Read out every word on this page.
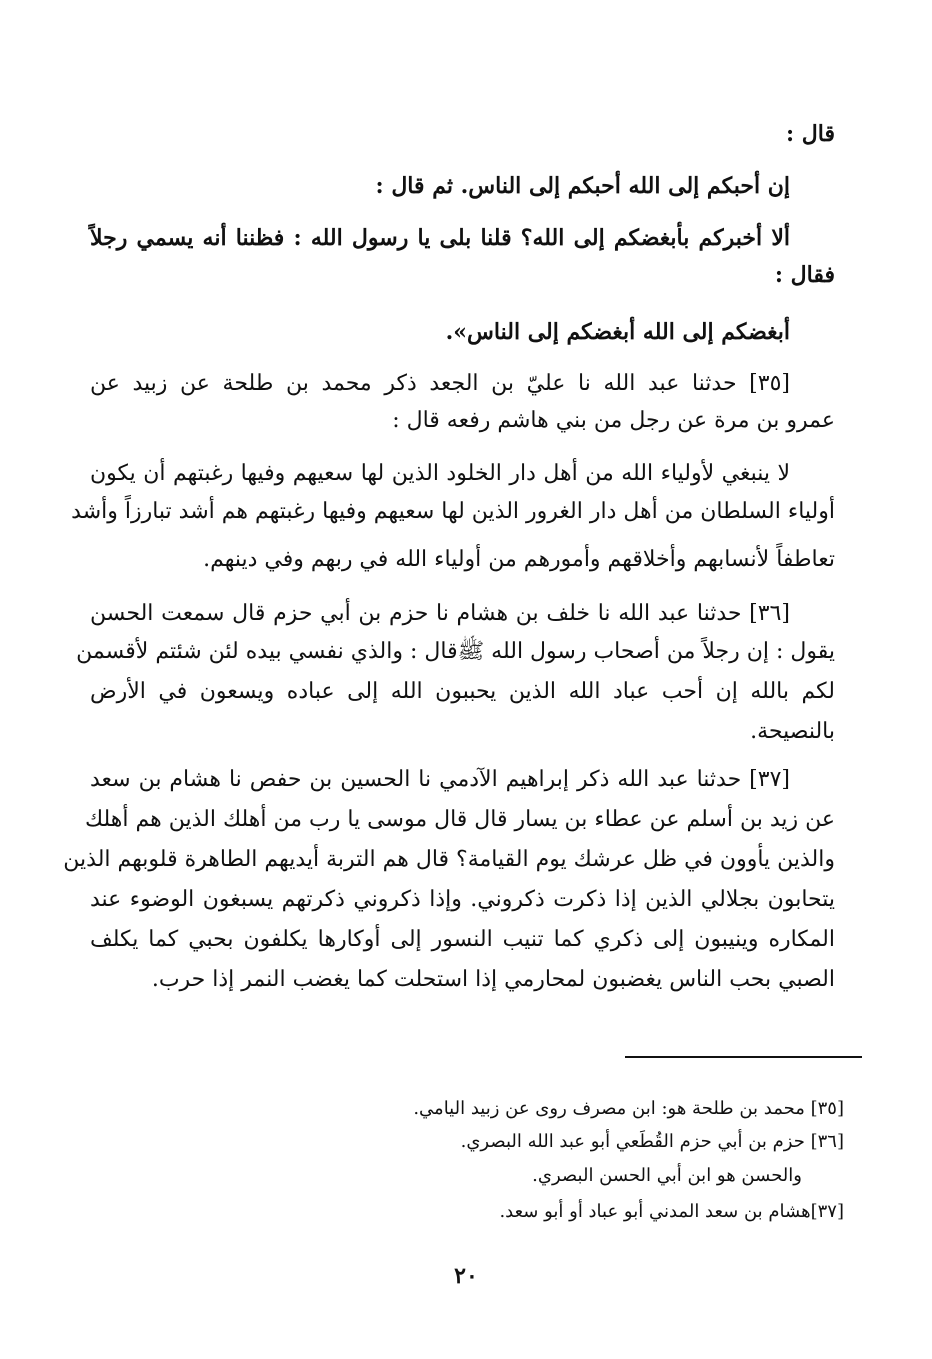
قال :
إن أحبكم إلى الله أحبكم إلى الناس. ثم قال :
ألا أخبركم بأبغضكم إلى الله؟ قلنا بلى يا رسول الله : فظننا أنه يسمي رجلاً
فقال :
أبغضكم إلى الله أبغضكم إلى الناس».
[٣٥] حدثنا عبد الله نا عليّ بن الجعد ذكر محمد بن طلحة عن زبيد عن
عمرو بن مرة عن رجل من بني هاشم رفعه قال :
لا ينبغي لأولياء الله من أهل دار الخلود الذين لها سعيهم وفيها رغبتهم أن يكون
أولياء السلطان من أهل دار الغرور الذين لها سعيهم وفيها رغبتهم هم أشد تبارزاً وأشد
تعاطفاً لأنسابهم وأخلاقهم وأمورهم من أولياء الله في ربهم وفي دينهم.
[٣٦] حدثنا عبد الله نا خلف بن هشام نا حزم بن أبي حزم قال سمعت الحسن
يقول : إن رجلاً من أصحاب رسول الله ﷺقال : والذي نفسي بيده لئن شئتم لأقسمن
لكم بالله إن أحب عباد الله الذين يحببون الله إلى عباده ويسعون في الأرض
بالنصيحة.
[٣٧] حدثنا عبد الله ذكر إبراهيم الآدمي نا الحسين بن حفص نا هشام بن سعد
عن زيد بن أسلم عن عطاء بن يسار قال قال موسى يا رب من أهلك الذين هم أهلك
والذين يأوون في ظل عرشك يوم القيامة؟ قال هم التربة أيديهم الطاهرة قلوبهم الذين
يتحابون بجلالي الذين إذا ذكرت ذكروني. وإذا ذكروني ذكرتهم يسبغون الوضوء عند
المكاره وينيبون إلى ذكري كما تنيب النسور إلى أوكارها يكلفون بحبي كما يكلف
الصبي بحب الناس يغضبون لمحارمي إذا استحلت كما يغضب النمر إذا حرب.
[٣٥] محمد بن طلحة هو: ابن مصرف روى عن زبيد اليامي.
[٣٦] حزم بن أبي حزم القُطَعي أبو عبد الله البصري.
والحسن هو ابن أبي الحسن البصري.
[٣٧]هشام بن سعد المدني أبو عباد أو أبو سعد.
٢٠
